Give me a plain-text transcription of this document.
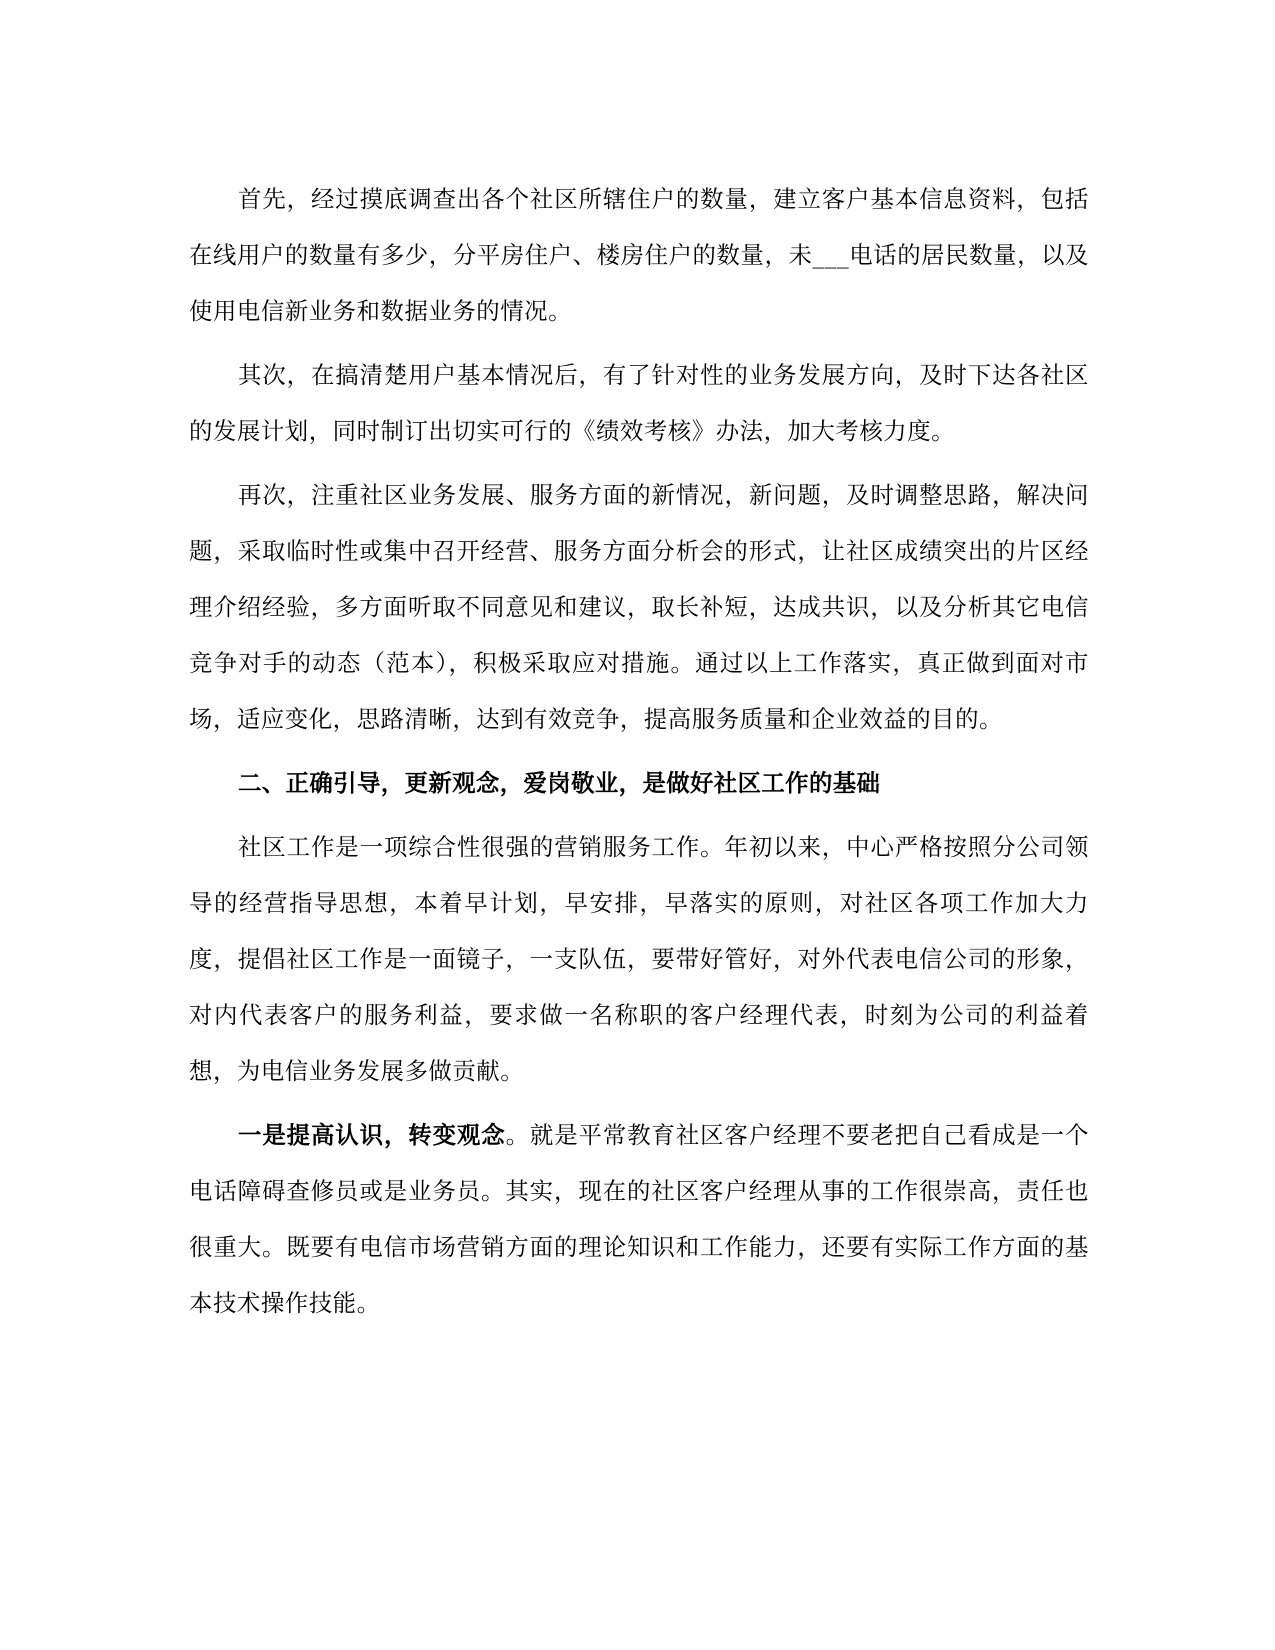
首先，经过摸底调查出各个社区所辖住户的数量，建立客户基本信息资料，包括在线用户的数量有多少，分平房住户、楼房住户的数量，未___电话的居民数量，以及使用电信新业务和数据业务的情况。

其次，在搞清楚用户基本情况后，有了针对性的业务发展方向，及时下达各社区的发展计划，同时制订出切实可行的《绩效考核》办法，加大考核力度。

再次，注重社区业务发展、服务方面的新情况，新问题，及时调整思路，解决问题，采取临时性或集中召开经营、服务方面分析会的形式，让社区成绩突出的片区经理介绍经验，多方面听取不同意见和建议，取长补短，达成共识，以及分析其它电信竞争对手的动态（范本），积极采取应对措施。通过以上工作落实，真正做到面对市场，适应变化，思路清晰，达到有效竞争，提高服务质量和企业效益的目的。

二、正确引导，更新观念，爱岗敬业，是做好社区工作的基础

社区工作是一项综合性很强的营销服务工作。年初以来，中心严格按照分公司领导的经营指导思想，本着早计划，早安排，早落实的原则，对社区各项工作加大力度，提倡社区工作是一面镜子，一支队伍，要带好管好，对外代表电信公司的形象，对内代表客户的服务利益，要求做一名称职的客户经理代表，时刻为公司的利益着想，为电信业务发展多做贡献。

一是提高认识，转变观念。就是平常教育社区客户经理不要老把自己看成是一个电话障碍查修员或是业务员。其实，现在的社区客户经理从事的工作很崇高，责任也很重大。既要有电信市场营销方面的理论知识和工作能力，还要有实际工作方面的基本技术操作技能。
